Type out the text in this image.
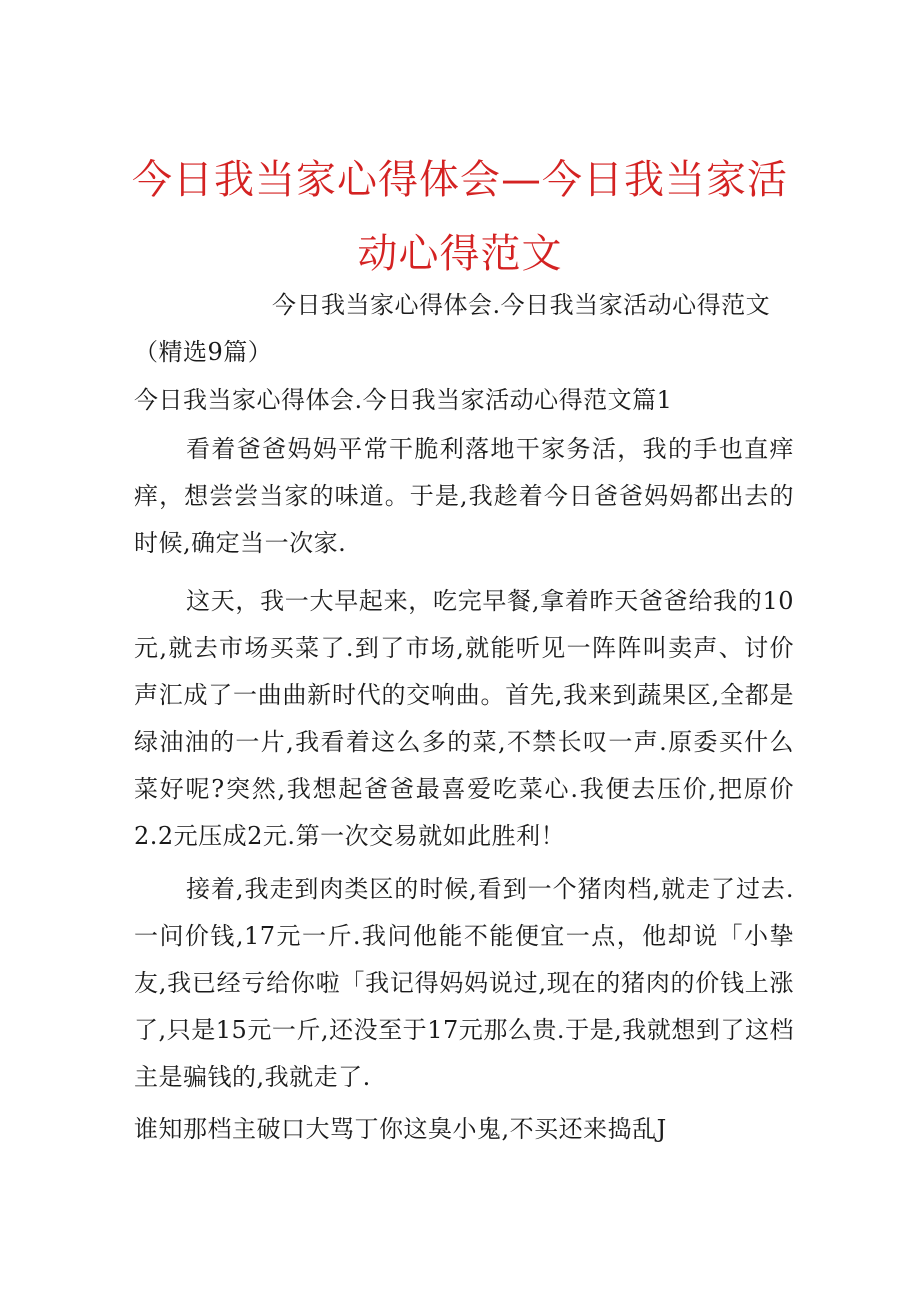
今日我当家心得体会—今日我当家活
动心得范文
今日我当家心得体会.今日我当家活动心得范文
（精选9篇）
今日我当家心得体会.今日我当家活动心得范文篇1
看着爸爸妈妈平常干脆利落地干家务活，我的手也直痒痒，想尝尝当家的味道。于是,我趁着今日爸爸妈妈都出去的时候,确定当一次家.
这天，我一大早起来，吃完早餐,拿着昨天爸爸给我的10元,就去市场买菜了.到了市场,就能听见一阵阵叫卖声、讨价声汇成了一曲曲新时代的交响曲。首先,我来到蔬果区,全都是绿油油的一片,我看着这么多的菜,不禁长叹一声.原委买什么菜好呢?突然,我想起爸爸最喜爱吃菜心.我便去压价,把原价2.2元压成2元.第一次交易就如此胜利！
接着,我走到肉类区的时候,看到一个猪肉档,就走了过去.一问价钱,17元一斤.我问他能不能便宜一点，他却说「小挚友,我已经亏给你啦「我记得妈妈说过,现在的猪肉的价钱上涨了,只是15元一斤,还没至于17元那么贵.于是,我就想到了这档主是骗钱的,我就走了.
谁知那档主破口大骂丁你这臭小鬼,不买还来捣乱J
